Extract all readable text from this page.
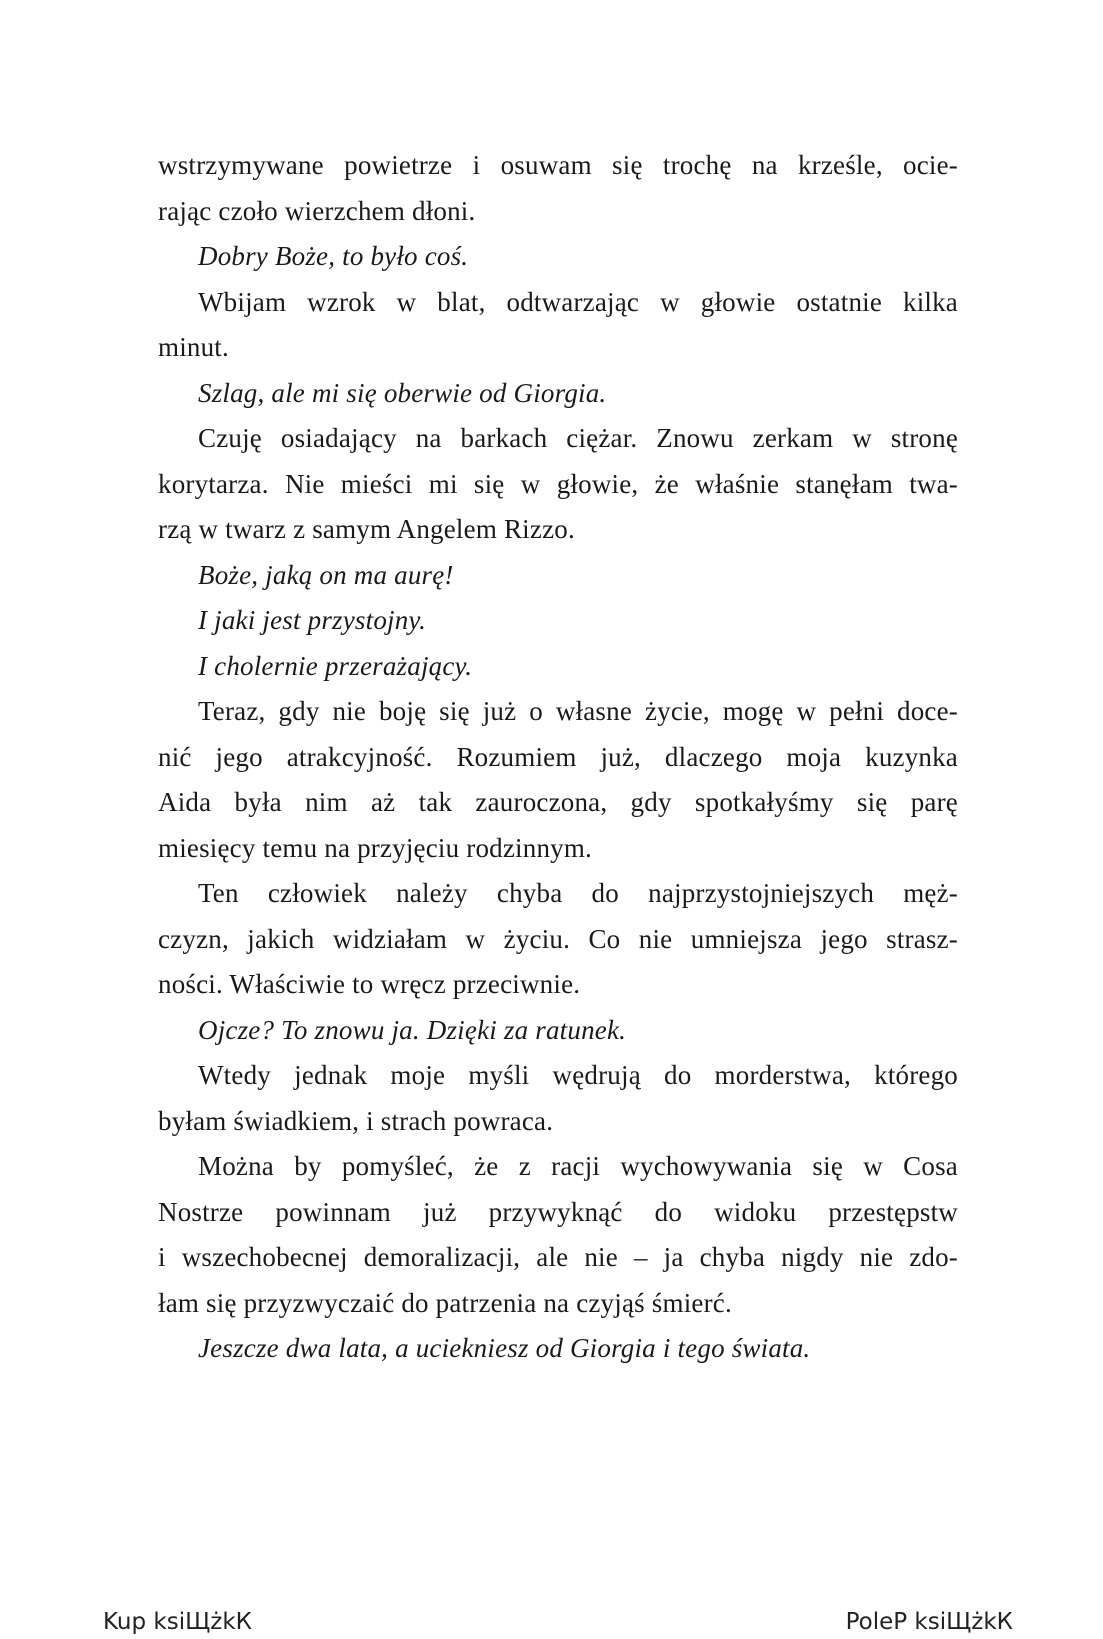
wstrzymywane powietrze i osuwam się trochę na krześle, ocie-
rając czoło wierzchem dłoni.
Dobry Boże, to było coś.
Wbijam wzrok w blat, odtwarzając w głowie ostatnie kilka
minut.
Szlag, ale mi się oberwie od Giorgia.
Czuję osiadający na barkach ciężar. Znowu zerkam w stronę
korytarza. Nie mieści mi się w głowie, że właśnie stanęłam twa-
rzą w twarz z samym Angelem Rizzo.
Boże, jaką on ma aurę!
I jaki jest przystojny.
I cholernie przerażający.
Teraz, gdy nie boję się już o własne życie, mogę w pełni doce-
nić jego atrakcyjność. Rozumiem już, dlaczego moja kuzynka
Aida była nim aż tak zauroczona, gdy spotkałyśmy się parę
miesięcy temu na przyjęciu rodzinnym.
Ten człowiek należy chyba do najprzystojniejszych męż-
czyzn, jakich widziałam w życiu. Co nie umniejsza jego strasz-
ności. Właściwie to wręcz przeciwnie.
Ojcze? To znowu ja. Dzięki za ratunek.
Wtedy jednak moje myśli wędrują do morderstwa, którego
byłam świadkiem, i strach powraca.
Można by pomyśleć, że z racji wychowywania się w Cosa
Nostrze powinnam już przywyknąć do widoku przestępstw
i wszechobecnej demoralizacji, ale nie – ja chyba nigdy nie zdo-
łam się przyzwyczaić do patrzenia na czyjąś śmierć.
Jeszcze dwa lata, a uciekniesz od Giorgia i tego świata.
Kup ksiЩżkК	PoleР ksiЩżkК
